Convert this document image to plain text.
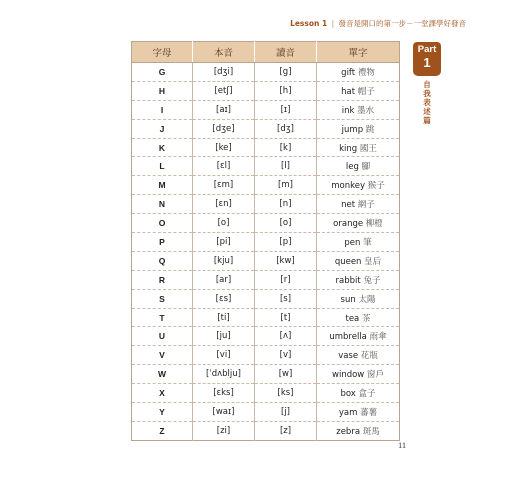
Lesson 1 | 發音是開口的第一步－一堂課學好發音
Part
1
自
我
表
述
篇
字母	本音	讀音	單字
G	[dʒi]	[g]	gift 禮物
H	[etʃ]	[h]	hat 帽子
I	[aɪ]	[ɪ]	ink 墨水
J	[dʒe]	[dʒ]	jump 跳
K	[ke]	[k]	king 國王
L	[ɛl]	[l]	leg 腳
M	[ɛm]	[m]	monkey 猴子
N	[ɛn]	[n]	net 網子
O	[o]	[o]	orange 柳橙
P	[pi]	[p]	pen 筆
Q	[kju]	[kw]	queen 皇后
R	[ar]	[r]	rabbit 兔子
S	[ɛs]	[s]	sun 太陽
T	[ti]	[t]	tea 茶
U	[ju]	[ʌ]	umbrella 雨傘
V	[vi]	[v]	vase 花瓶
W	[ˈdʌblju]	[w]	window 窗戶
X	[ɛks]	[ks]	box 盒子
Y	[waɪ]	[j]	yam 蕃薯
Z	[zi]	[z]	zebra 斑馬
11
